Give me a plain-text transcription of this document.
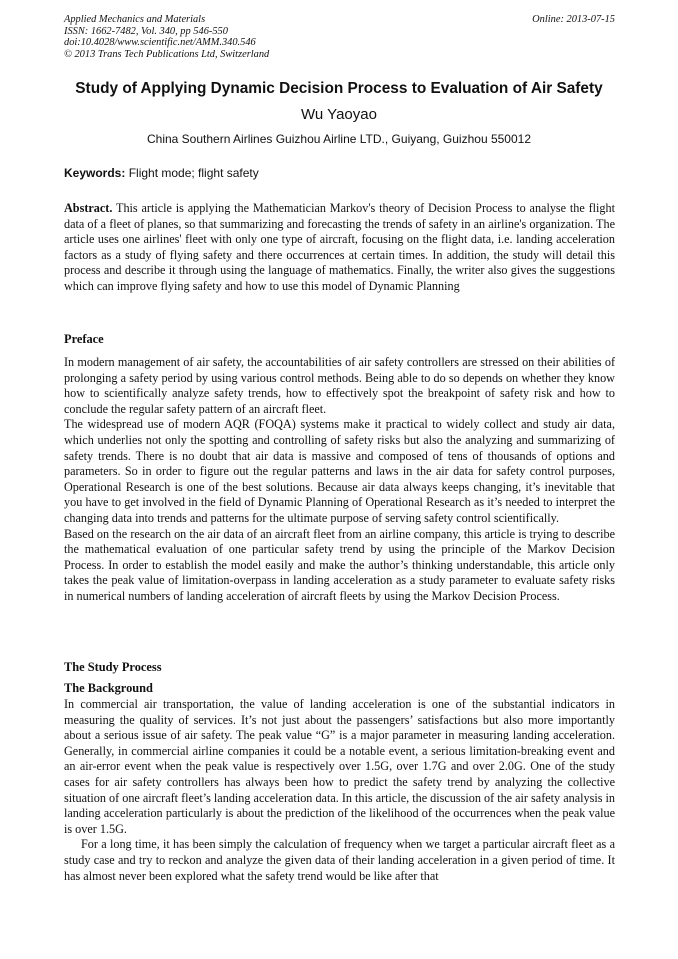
Applied Mechanics and Materials
ISSN: 1662-7482, Vol. 340, pp 546-550
doi:10.4028/www.scientific.net/AMM.340.546
© 2013 Trans Tech Publications Ltd, Switzerland
Online: 2013-07-15
Study of Applying Dynamic Decision Process to Evaluation of Air Safety
Wu Yaoyao
China Southern Airlines Guizhou Airline LTD., Guiyang, Guizhou 550012
Keywords: Flight mode; flight safety

Abstract. This article is applying the Mathematician Markov's theory of Decision Process to analyse the flight data of a fleet of planes, so that summarizing and forecasting the trends of safety in an airline's organization. The article uses one airlines' fleet with only one type of aircraft, focusing on the flight data, i.e. landing acceleration factors as a study of flying safety and there occurrences at certain times. In addition, the study will detail this process and describe it through using the language of mathematics. Finally, the writer also gives the suggestions which can improve flying safety and how to use this model of Dynamic Planning

Preface

In modern management of air safety, the accountabilities of air safety controllers are stressed on their abilities of prolonging a safety period by using various control methods. Being able to do so depends on whether they know how to scientifically analyze safety trends, how to effectively spot the breakpoint of safety risk and how to conclude the regular safety pattern of an aircraft fleet.

The widespread use of modern AQR (FOQA) systems make it practical to widely collect and study air data, which underlies not only the spotting and controlling of safety risks but also the analyzing and summarizing of safety trends. There is no doubt that air data is massive and composed of tens of thousands of options and parameters. So in order to figure out the regular patterns and laws in the air data for safety control purposes, Operational Research is one of the best solutions. Because air data always keeps changing, it’s inevitable that you have to get involved in the field of Dynamic Planning of Operational Research as it’s needed to interpret the changing data into trends and patterns for the ultimate purpose of serving safety control scientifically.

Based on the research on the air data of an aircraft fleet from an airline company, this article is trying to describe the mathematical evaluation of one particular safety trend by using the principle of the Markov Decision Process. In order to establish the model easily and make the author’s thinking understandable, this article only takes the peak value of limitation-overpass in landing acceleration as a study parameter to evaluate safety risks in numerical numbers of landing acceleration of aircraft fleets by using the Markov Decision Process.

The Study Process
The Background

In commercial air transportation, the value of landing acceleration is one of the substantial indicators in measuring the quality of services. It’s not just about the passengers’ satisfactions but also more importantly about a serious issue of air safety. The peak value “G” is a major parameter in measuring landing acceleration. Generally, in commercial airline companies it could be a notable event, a serious limitation-breaking event and an air-error event when the peak value is respectively over 1.5G, over 1.7G and over 2.0G. One of the study cases for air safety controllers has always been how to predict the safety trend by analyzing the collective situation of one aircraft fleet’s landing acceleration data. In this article, the discussion of the air safety analysis in landing acceleration particularly is about the prediction of the likelihood of the occurrences when the peak value is over 1.5G.

For a long time, it has been simply the calculation of frequency when we target a particular aircraft fleet as a study case and try to reckon and analyze the given data of their landing acceleration in a given period of time. It has almost never been explored what the safety trend would be like after that
